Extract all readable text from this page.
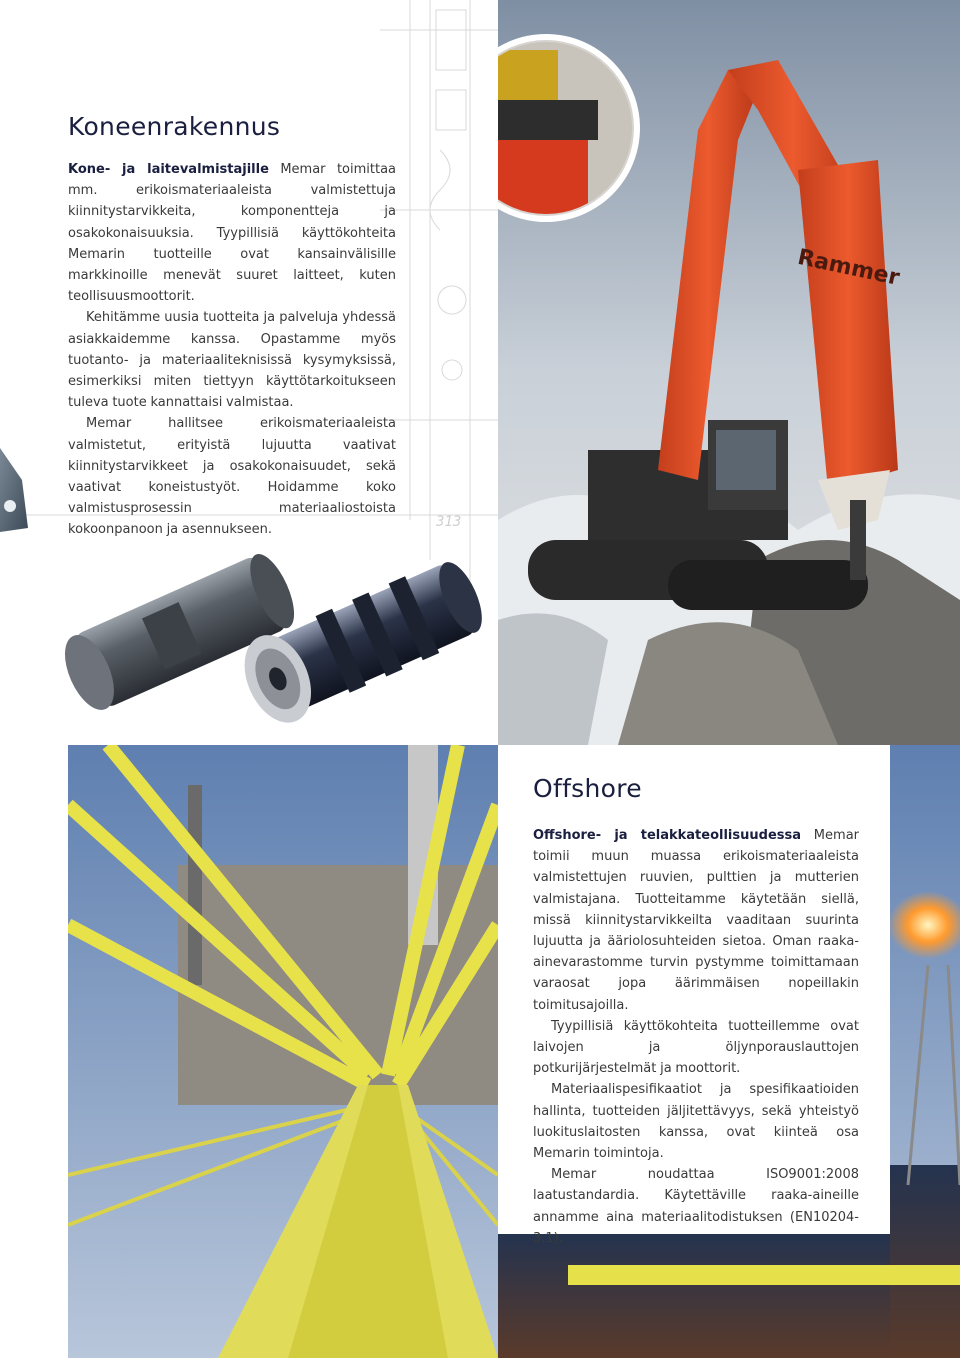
313
Koneenrakennus

Kone- ja laitevalmistajille Memar toimittaa mm. erikoismateriaaleista valmistettuja kiinnitystarvikkeita, komponentteja ja osakokonaisuuksia. Tyypillisiä käyttökohteita Memarin tuotteille ovat kansainvälisille markkinoille menevät suuret laitteet, kuten teollisuusmoottorit.

Kehitämme uusia tuotteita ja palveluja yhdessä asiakkaidemme kanssa. Opastamme myös tuotanto- ja materiaaliteknisissä kysymyksissä, esimerkiksi miten tiettyyn käyttötarkoitukseen tuleva tuote kannattaisi valmistaa.

Memar hallitsee erikoismateriaaleista valmistetut, erityistä lujuutta vaativat kiinnitystarvikkeet ja osakokonaisuudet, sekä vaativat koneistustyöt. Hoidamme koko valmistusprosessin materiaaliostoista kokoonpanoon ja asennukseen.

Rammer
Offshore

Offshore- ja telakkateollisuudessa Memar toimii muun muassa erikoismateriaaleista valmistettujen ruuvien, pulttien ja mutterien valmistajana. Tuotteitamme käytetään siellä, missä kiinnitystarvikkeilta vaaditaan suurinta lujuutta ja ääriolosuhteiden sietoa. Oman raaka-ainevarastomme turvin pystymme toimittamaan varaosat jopa äärimmäisen nopeillakin toimitusajoilla.

Tyypillisiä käyttökohteita tuotteillemme ovat laivojen ja öljynporauslauttojen potkurijärjestelmät ja moottorit.

Materiaalispesifikaatiot ja spesifikaatioiden hallinta, tuotteiden jäljitettävyys, sekä yhteistyö luokituslaitosten kanssa, ovat kiinteä osa Memarin toimintoja.

Memar noudattaa ISO9001:2008 laatustandardia. Käytettäville raaka-aineille annamme aina materiaalitodistuksen (EN10204-3.1).
